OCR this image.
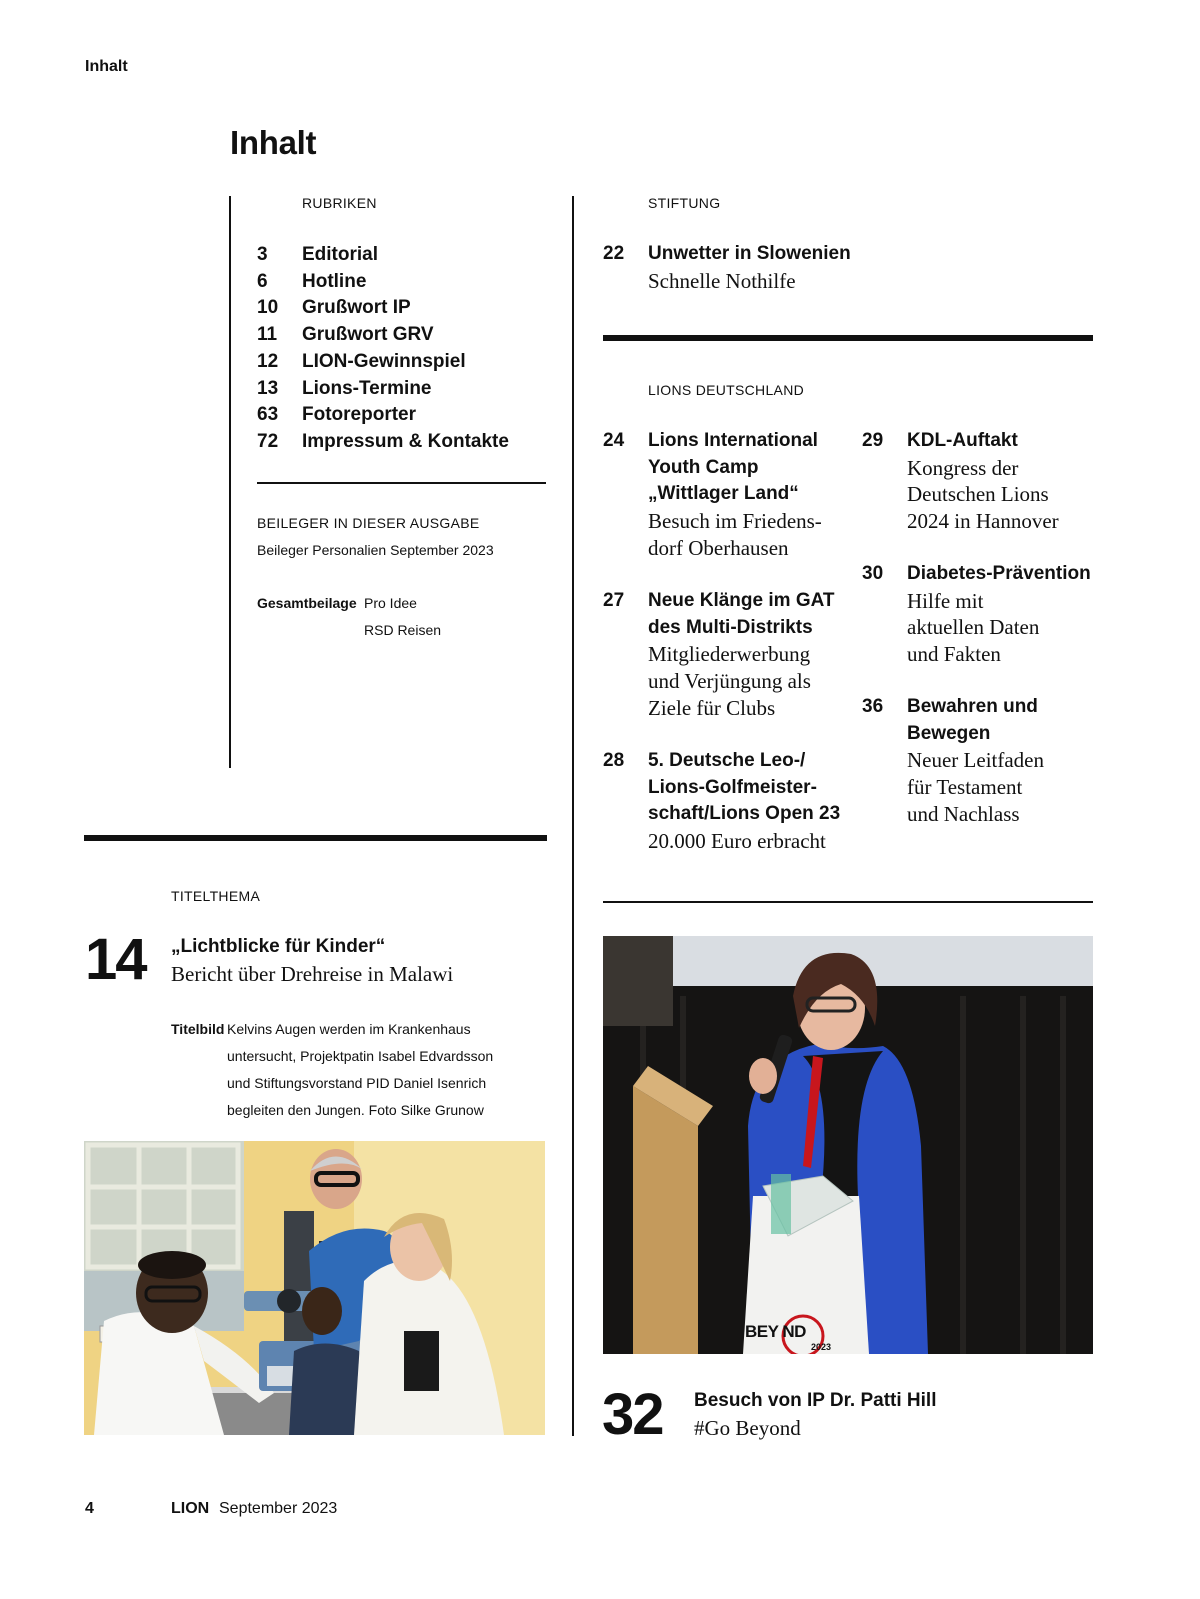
Inhalt
Inhalt
RUBRIKEN
3 Editorial
6 Hotline
10 Grußwort IP
11 Grußwort GRV
12 LION-Gewinnspiel
13 Lions-Termine
63 Fotoreporter
72 Impressum & Kontakte
BEILEGER IN DIESER AUSGABE
Beileger Personalien September 2023
Gesamtbeilage Pro Idee
RSD Reisen
TITELTHEMA
14 „Lichtblicke für Kinder“
Bericht über Drehreise in Malawi
Titelbild Kelvins Augen werden im Krankenhaus
untersucht, Projektpatin Isabel Edvardsson
und Stiftungsvorstand PID Daniel Isenrich
begleiten den Jungen. Foto Silke Grunow
STIFTUNG
22 Unwetter in Slowenien
Schnelle Nothilfe
LIONS DEUTSCHLAND
24 Lions International
Youth Camp
„Wittlager Land“
Besuch im Friedens-
dorf Oberhausen
27 Neue Klänge im GAT
des Multi-Distrikts
Mitgliederwerbung
und Verjüngung als
Ziele für Clubs
28 5. Deutsche Leo-/
Lions-Golfmeister-
schaft/Lions Open 23
20.000 Euro erbracht
29 KDL-Auftakt
Kongress der
Deutschen Lions
2024 in Hannover
30 Diabetes-Prävention
Hilfe mit
aktuellen Daten
und Fakten
36 Bewahren und
Bewegen
Neuer Leitfaden
für Testament
und Nachlass
BEY ND
2023
32 Besuch von IP Dr. Patti Hill
#Go Beyond
4	LION September 2023
